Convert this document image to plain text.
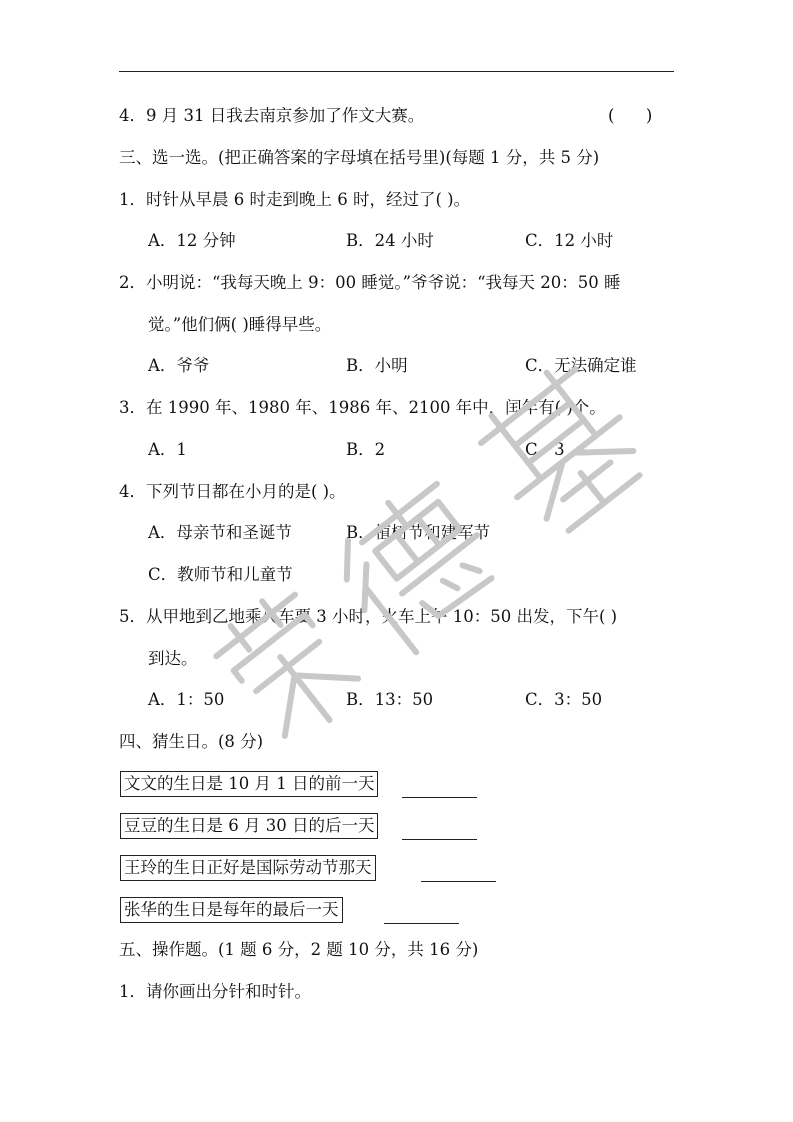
4．9 月 31 日我去南京参加了作文大赛。	(      )
三、选一选。(把正确答案的字母填在括号里)(每题 1 分，共 5 分)
1．时针从早晨 6 时走到晚上 6 时，经过了( )。
A．12 分钟	B．24 小时	C．12 小时
2．小明说：“我每天晚上 9：00 睡觉。”爷爷说：“我每天 20：50 睡
觉。”他们俩( )睡得早些。
A．爷爷	B．小明	C．无法确定谁
3．在 1990 年、1980 年、1986 年、2100 年中，闰年有( )个。
A．1	B．2	C．3
4．下列节日都在小月的是( )。
A．母亲节和圣诞节	B．植树节和建军节
C．教师节和儿童节
5．从甲地到乙地乘火车要 3 小时，火车上午 10：50 出发，下午( )
到达。
A．1：50	B．13：50	C．3：50
四、猜生日。(8 分)
文文的生日是 10 月 1 日的前一天
豆豆的生日是 6 月 30 日的后一天
王玲的生日正好是国际劳动节那天
张华的生日是每年的最后一天
五、操作题。(1 题 6 分，2 题 10 分，共 16 分)
1．请你画出分针和时针。
